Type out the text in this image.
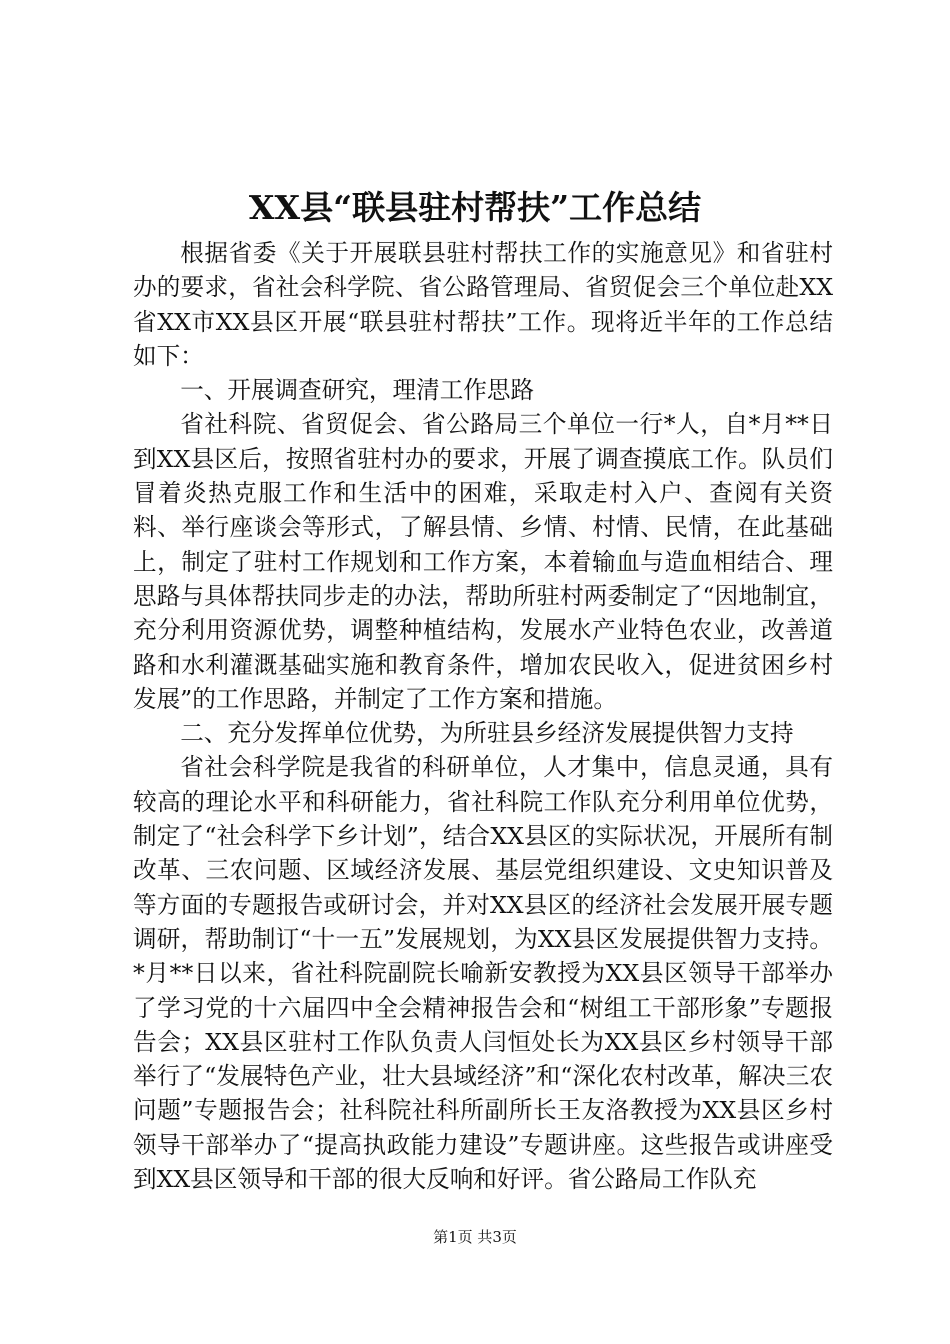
XX县“联县驻村帮扶”工作总结

根据省委《关于开展联县驻村帮扶工作的实施意见》和省驻村办的要求，省社会科学院、省公路管理局、省贸促会三个单位赴XX省XX市XX县区开展“联县驻村帮扶”工作。现将近半年的工作总结如下：

一、开展调查研究，理清工作思路

省社科院、省贸促会、省公路局三个单位一行*人，自*月**日到XX县区后，按照省驻村办的要求，开展了调查摸底工作。队员们冒着炎热克服工作和生活中的困难，采取走村入户、查阅有关资料、举行座谈会等形式，了解县情、乡情、村情、民情，在此基础上，制定了驻村工作规划和工作方案，本着输血与造血相结合、理思路与具体帮扶同步走的办法，帮助所驻村两委制定了“因地制宜，充分利用资源优势，调整种植结构，发展水产业特色农业，改善道路和水利灌溉基础实施和教育条件，增加农民收入，促进贫困乡村发展”的工作思路，并制定了工作方案和措施。

二、充分发挥单位优势，为所驻县乡经济发展提供智力支持

省社会科学院是我省的科研单位，人才集中，信息灵通，具有较高的理论水平和科研能力，省社科院工作队充分利用单位优势，制定了“社会科学下乡计划”，结合XX县区的实际状况，开展所有制改革、三农问题、区域经济发展、基层党组织建设、文史知识普及等方面的专题报告或研讨会，并对XX县区的经济社会发展开展专题调研，帮助制订“十一五”发展规划，为XX县区发展提供智力支持。*月**日以来，省社科院副院长喻新安教授为XX县区领导干部举办了学习党的十六届四中全会精神报告会和“树组工干部形象”专题报告会；XX县区驻村工作队负责人闫恒处长为XX县区乡村领导干部举行了“发展特色产业，壮大县域经济”和“深化农村改革，解决三农问题”专题报告会；社科院社科所副所长王友洛教授为XX县区乡村领导干部举办了“提高执政能力建设”专题讲座。这些报告或讲座受到XX县区领导和干部的很大反响和好评。省公路局工作队充

第1页 共3页
